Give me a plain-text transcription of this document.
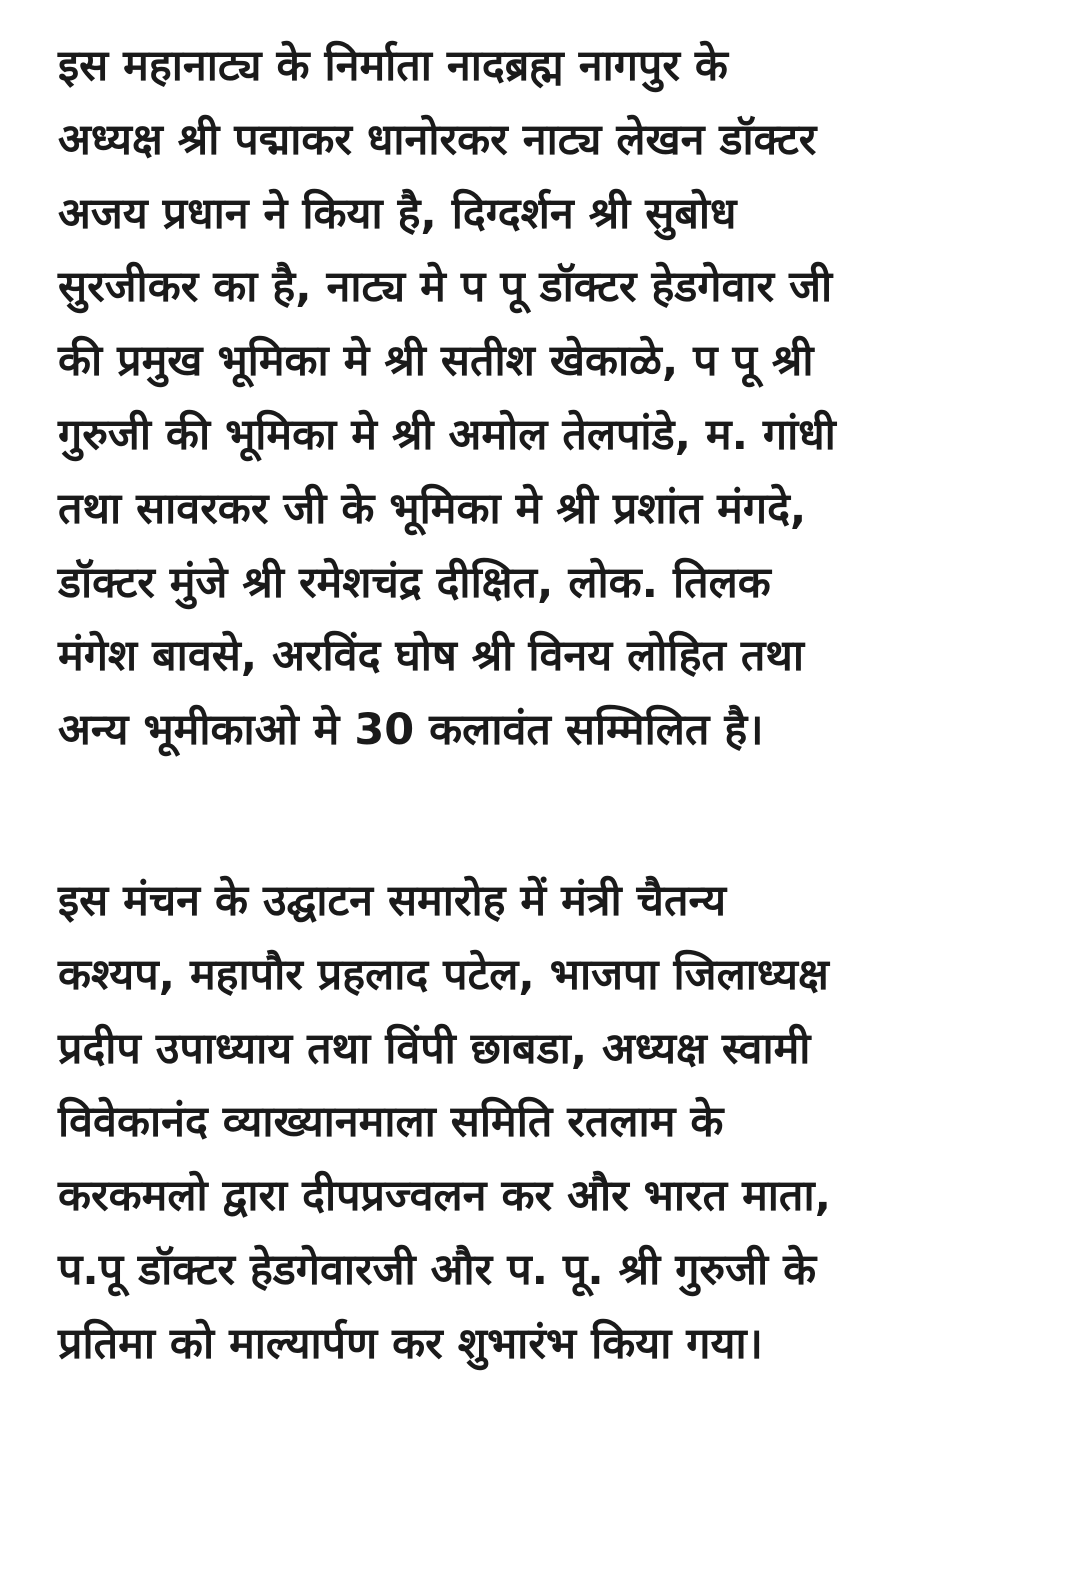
इस महानाट्य के निर्माता नादब्रह्म नागपुर के
अध्यक्ष श्री पद्माकर धानोरकर नाट्य लेखन डॉक्टर
अजय प्रधान ने किया है, दिग्दर्शन श्री सुबोध
सुरजीकर का है, नाट्य मे प पू डॉक्टर हेडगेवार जी
की प्रमुख भूमिका मे श्री सतीश खेकाळे, प पू श्री
गुरुजी की भूमिका मे श्री अमोल तेलपांडे, म. गांधी
तथा सावरकर जी के भूमिका मे श्री प्रशांत मंगदे,
डॉक्टर मुंजे श्री रमेशचंद्र दीक्षित, लोक. तिलक
मंगेश बावसे, अरविंद घोष श्री विनय लोहित तथा
अन्य भूमीकाओ मे 30 कलावंत सम्मिलित है।

इस मंचन के उद्घाटन समारोह में मंत्री चैतन्य
कश्यप, महापौर प्रहलाद पटेल, भाजपा जिलाध्यक्ष
प्रदीप उपाध्याय तथा विंपी छाबडा, अध्यक्ष स्वामी
विवेकानंद व्याख्यानमाला समिति रतलाम के
करकमलो द्वारा दीपप्रज्वलन कर और भारत माता,
प.पू डॉक्टर हेडगेवारजी और प. पू. श्री गुरुजी के
प्रतिमा को माल्यार्पण कर शुभारंभ किया गया।
